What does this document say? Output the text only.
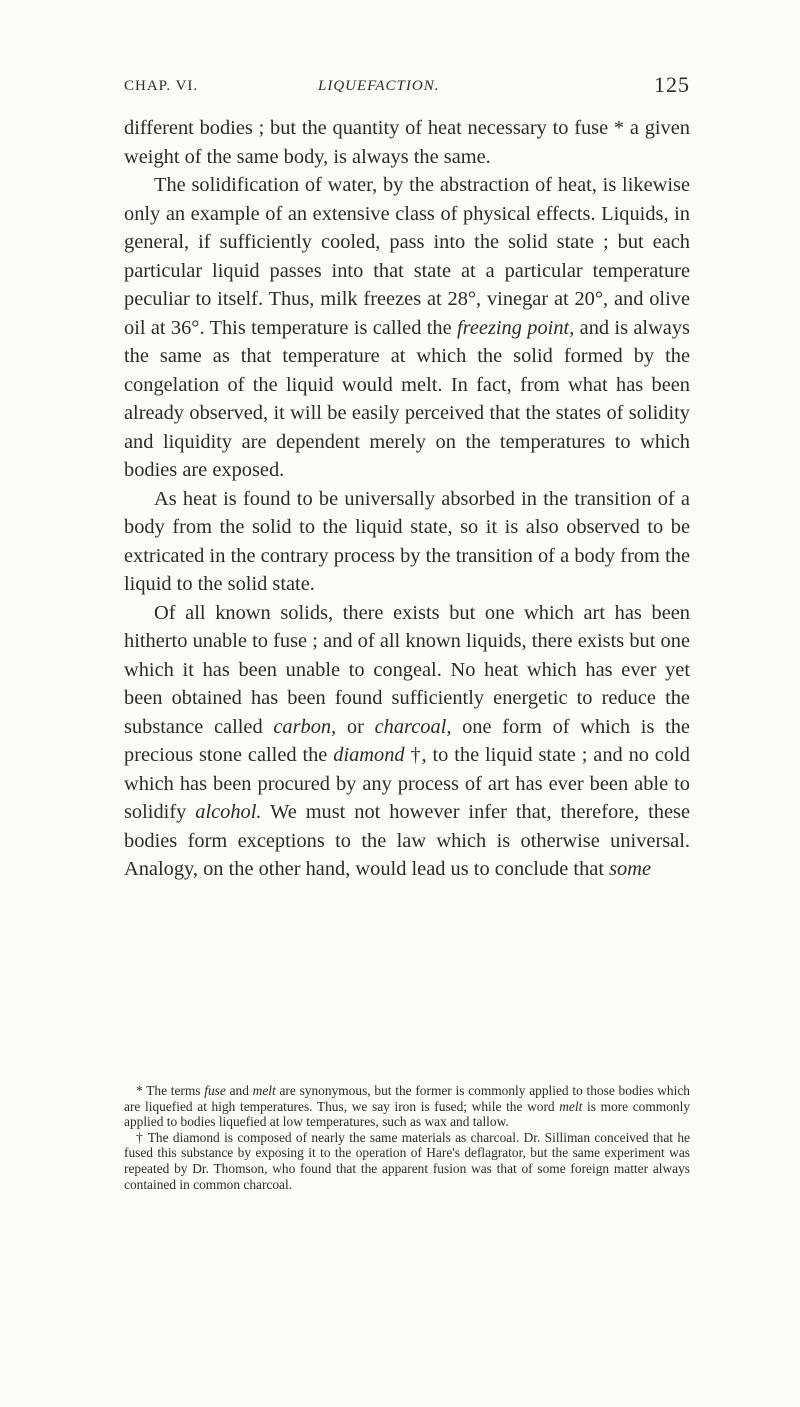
CHAP. VI.	LIQUEFACTION.	125

different bodies ; but the quantity of heat necessary to fuse * a given weight of the same body, is always the same.

The solidification of water, by the abstraction of heat, is likewise only an example of an extensive class of physical effects. Liquids, in general, if sufficiently cooled, pass into the solid state ; but each particular liquid passes into that state at a particular temperature peculiar to itself. Thus, milk freezes at 28°, vinegar at 20°, and olive oil at 36°. This temperature is called the freezing point, and is always the same as that temperature at which the solid formed by the congelation of the liquid would melt. In fact, from what has been already observed, it will be easily perceived that the states of solidity and liquidity are dependent merely on the temperatures to which bodies are exposed.

As heat is found to be universally absorbed in the transition of a body from the solid to the liquid state, so it is also observed to be extricated in the contrary process by the transition of a body from the liquid to the solid state.

Of all known solids, there exists but one which art has been hitherto unable to fuse ; and of all known liquids, there exists but one which it has been unable to congeal. No heat which has ever yet been obtained has been found sufficiently energetic to reduce the substance called carbon, or charcoal, one form of which is the precious stone called the diamond †, to the liquid state ; and no cold which has been procured by any process of art has ever been able to solidify alcohol. We must not however infer that, therefore, these bodies form exceptions to the law which is otherwise universal. Analogy, on the other hand, would lead us to conclude that some

* The terms fuse and melt are synonymous, but the former is commonly applied to those bodies which are liquefied at high temperatures. Thus, we say iron is fused; while the word melt is more commonly applied to bodies liquefied at low temperatures, such as wax and tallow.

† The diamond is composed of nearly the same materials as charcoal. Dr. Silliman conceived that he fused this substance by exposing it to the operation of Hare's deflagrator, but the same experiment was repeated by Dr. Thomson, who found that the apparent fusion was that of some foreign matter always contained in common charcoal.
